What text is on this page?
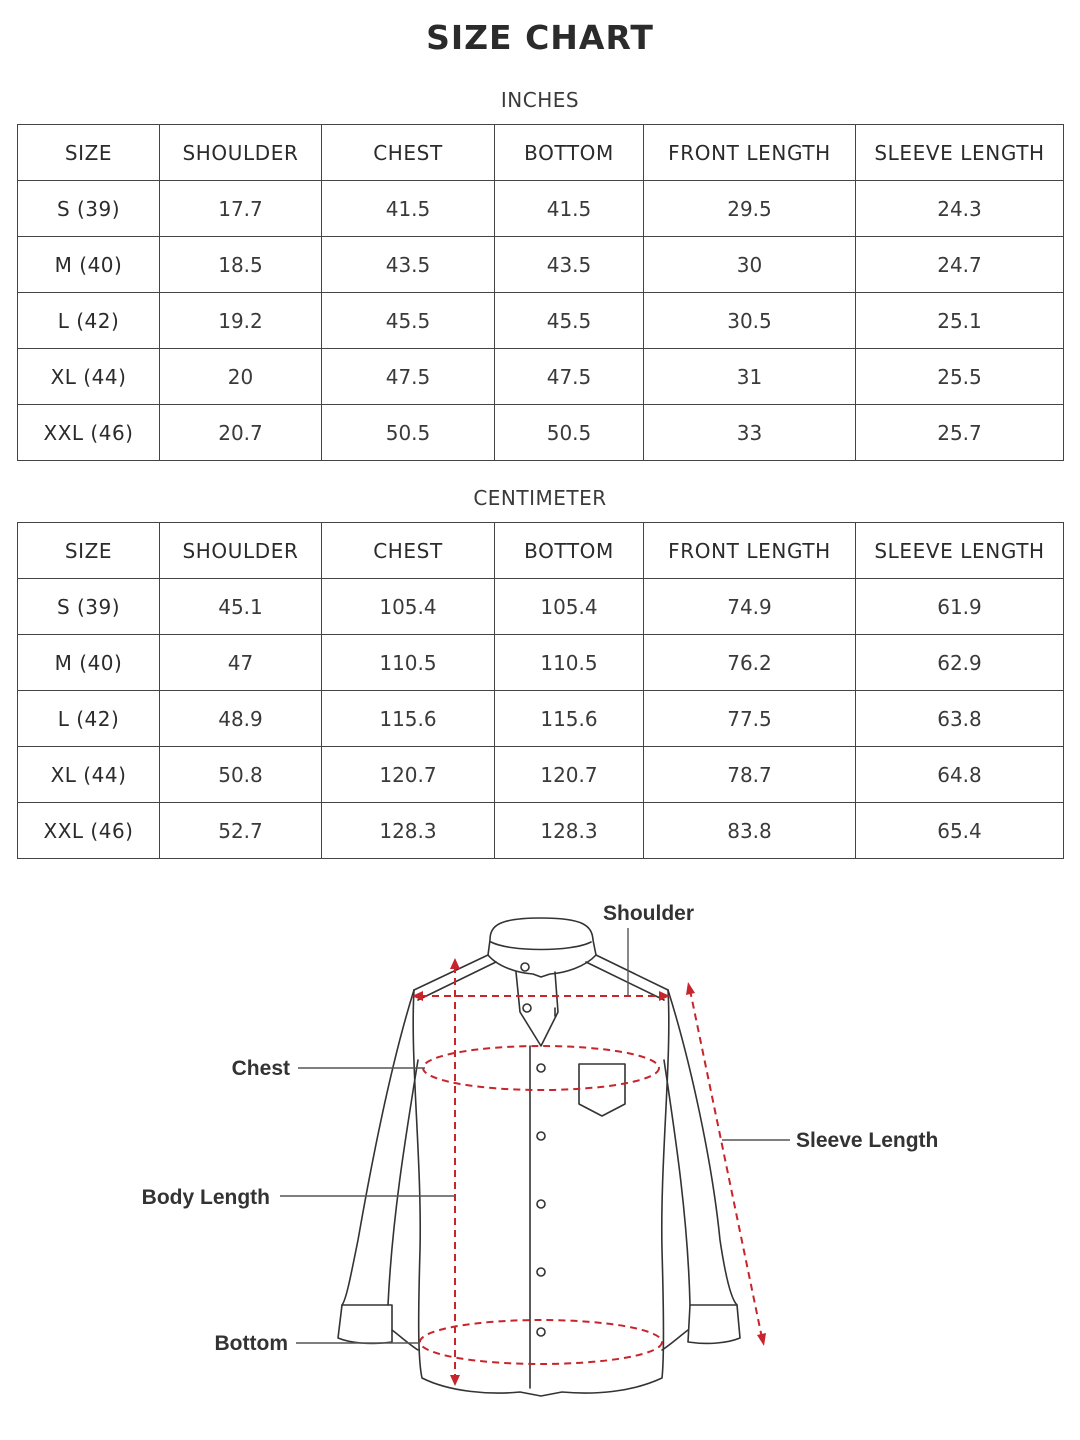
SIZE CHART
INCHES
SIZE	SHOULDER	CHEST	BOTTOM	FRONT LENGTH	SLEEVE LENGTH
S (39)	17.7	41.5	41.5	29.5	24.3
M (40)	18.5	43.5	43.5	30	24.7
L (42)	19.2	45.5	45.5	30.5	25.1
XL (44)	20	47.5	47.5	31	25.5
XXL (46)	20.7	50.5	50.5	33	25.7
CENTIMETER
SIZE	SHOULDER	CHEST	BOTTOM	FRONT LENGTH	SLEEVE LENGTH
S (39)	45.1	105.4	105.4	74.9	61.9
M (40)	47	110.5	110.5	76.2	62.9
L (42)	48.9	115.6	115.6	77.5	63.8
XL (44)	50.8	120.7	120.7	78.7	64.8
XXL (46)	52.7	128.3	128.3	83.8	65.4
Shoulder
Chest
Sleeve Length
Body Length
Bottom
